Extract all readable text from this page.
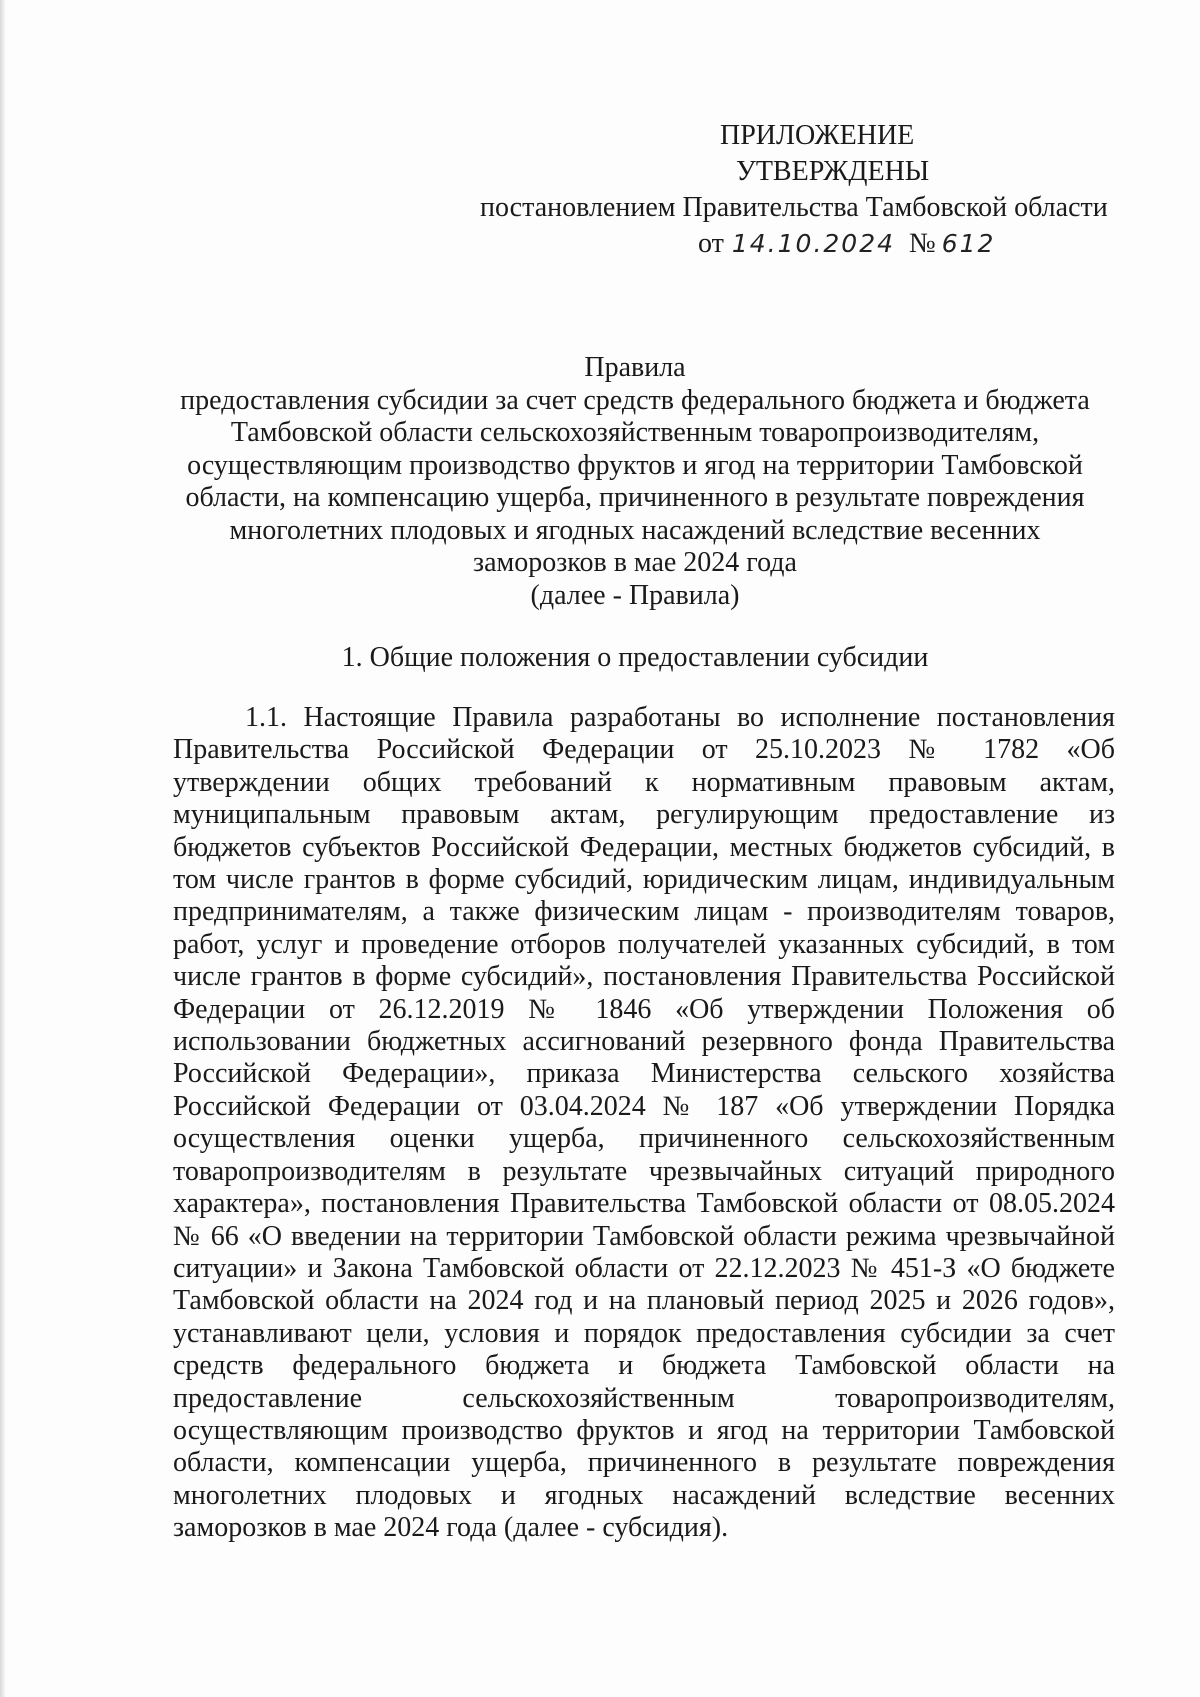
ПРИЛОЖЕНИЕ
УТВЕРЖДЕНЫ
постановлением Правительства Тамбовской области
от 14.10.2024 № 612
Правила
предоставления субсидии за счет средств федерального бюджета и бюджета
Тамбовской области сельскохозяйственным товаропроизводителям,
осуществляющим производство фруктов и ягод на территории Тамбовской
области, на компенсацию ущерба, причиненного в результате повреждения
многолетних плодовых и ягодных насаждений вследствие весенних
заморозков в мае 2024 года
(далее - Правила)
1. Общие положения о предоставлении субсидии
1.1. Настоящие Правила разработаны во исполнение постановления
Правительства Российской Федерации от 25.10.2023 № 1782 «Об
утверждении общих требований к нормативным правовым актам,
муниципальным правовым актам, регулирующим предоставление из
бюджетов субъектов Российской Федерации, местных бюджетов субсидий, в
том числе грантов в форме субсидий, юридическим лицам, индивидуальным
предпринимателям, а также физическим лицам - производителям товаров,
работ, услуг и проведение отборов получателей указанных субсидий, в том
числе грантов в форме субсидий», постановления Правительства Российской
Федерации от 26.12.2019 № 1846 «Об утверждении Положения об
использовании бюджетных ассигнований резервного фонда Правительства
Российской Федерации», приказа Министерства сельского хозяйства
Российской Федерации от 03.04.2024 № 187 «Об утверждении Порядка
осуществления оценки ущерба, причиненного сельскохозяйственным
товаропроизводителям в результате чрезвычайных ситуаций природного
характера», постановления Правительства Тамбовской области от 08.05.2024
№ 66 «О введении на территории Тамбовской области режима чрезвычайной
ситуации» и Закона Тамбовской области от 22.12.2023 № 451-З «О бюджете
Тамбовской области на 2024 год и на плановый период 2025 и 2026 годов»,
устанавливают цели, условия и порядок предоставления субсидии за счет
средств федерального бюджета и бюджета Тамбовской области на
предоставление сельскохозяйственным товаропроизводителям,
осуществляющим производство фруктов и ягод на территории Тамбовской
области, компенсации ущерба, причиненного в результате повреждения
многолетних плодовых и ягодных насаждений вследствие весенних
заморозков в мае 2024 года (далее - субсидия).
